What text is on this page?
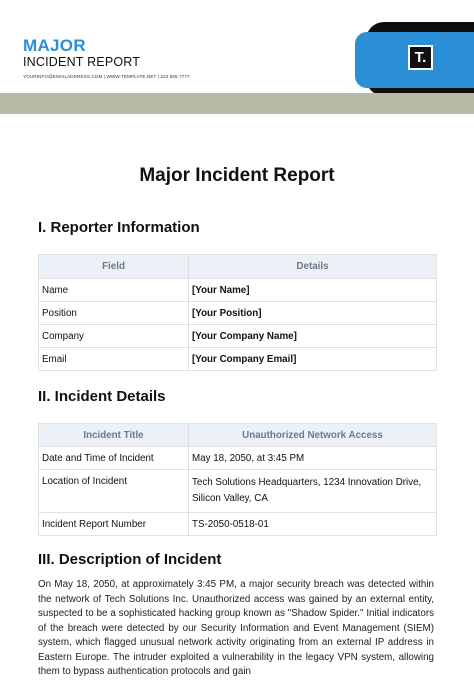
MAJOR
INCIDENT REPORT
YOURINFO@EMAILADDRESS.COM | WWW.TEMPLATE.NET | 222 555 7777
T.
Major Incident Report
I. Reporter Information
Field	Details
Name	[Your Name]
Position	[Your Position]
Company	[Your Company Name]
Email	[Your Company Email]
II. Incident Details
Incident Title	Unauthorized Network Access
Date and Time of Incident	May 18, 2050, at 3:45 PM
Location of Incident	Tech Solutions Headquarters, 1234 Innovation Drive, Silicon Valley, CA
Incident Report Number	TS-2050-0518-01
III. Description of Incident
On May 18, 2050, at approximately 3:45 PM, a major security breach was detected within the network of Tech Solutions Inc. Unauthorized access was gained by an external entity, suspected to be a sophisticated hacking group known as "Shadow Spider." Initial indicators of the breach were detected by our Security Information and Event Management (SIEM) system, which flagged unusual network activity originating from an external IP address in Eastern Europe. The intruder exploited a vulnerability in the legacy VPN system, allowing them to bypass authentication protocols and gain
